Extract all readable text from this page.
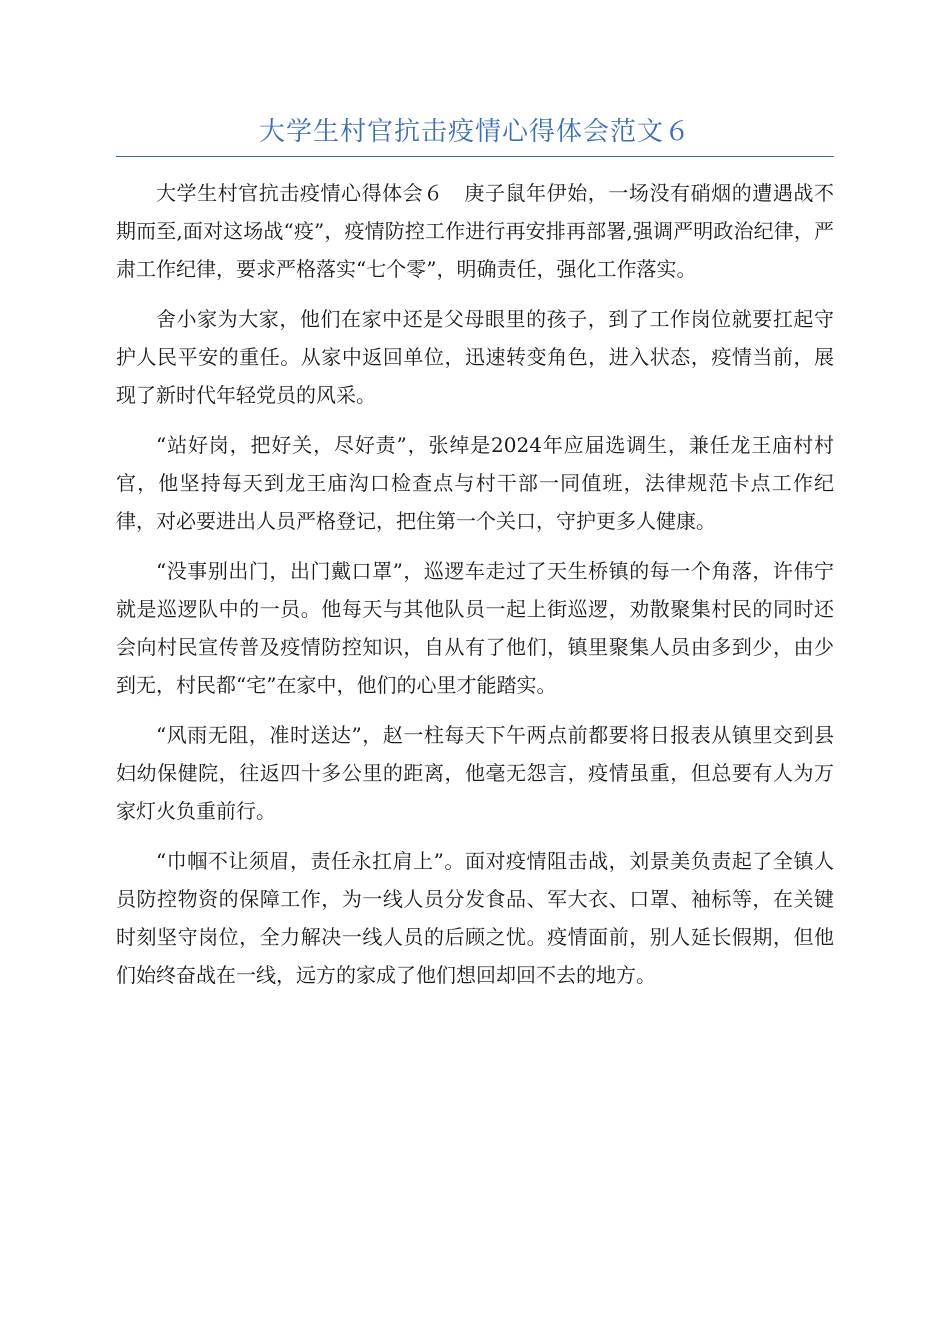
大学生村官抗击疫情心得体会范文６

大学生村官抗击疫情心得体会６　庚子鼠年伊始，一场没有硝烟的遭遇战不期而至,面对这场战“疫”，疫情防控工作进行再安排再部署,强调严明政治纪律，严肃工作纪律，要求严格落实“七个零”，明确责任，强化工作落实。

舍小家为大家，他们在家中还是父母眼里的孩子，到了工作岗位就要扛起守护人民平安的重任。从家中返回单位，迅速转变角色，进入状态，疫情当前，展现了新时代年轻党员的风采。

“站好岗，把好关，尽好责”，张绰是2024年应届选调生，兼任龙王庙村村官，他坚持每天到龙王庙沟口检查点与村干部一同值班，法律规范卡点工作纪律，对必要进出人员严格登记，把住第一个关口，守护更多人健康。

“没事别出门，出门戴口罩”，巡逻车走过了天生桥镇的每一个角落，许伟宁就是巡逻队中的一员。他每天与其他队员一起上街巡逻，劝散聚集村民的同时还会向村民宣传普及疫情防控知识，自从有了他们，镇里聚集人员由多到少，由少到无，村民都“宅”在家中，他们的心里才能踏实。

“风雨无阻，准时送达”，赵一柱每天下午两点前都要将日报表从镇里交到县妇幼保健院，往返四十多公里的距离，他毫无怨言，疫情虽重，但总要有人为万家灯火负重前行。

“巾帼不让须眉，责任永扛肩上”。面对疫情阻击战，刘景美负责起了全镇人员防控物资的保障工作，为一线人员分发食品、军大衣、口罩、袖标等，在关键时刻坚守岗位，全力解决一线人员的后顾之忧。疫情面前，别人延长假期，但他们始终奋战在一线，远方的家成了他们想回却回不去的地方。
